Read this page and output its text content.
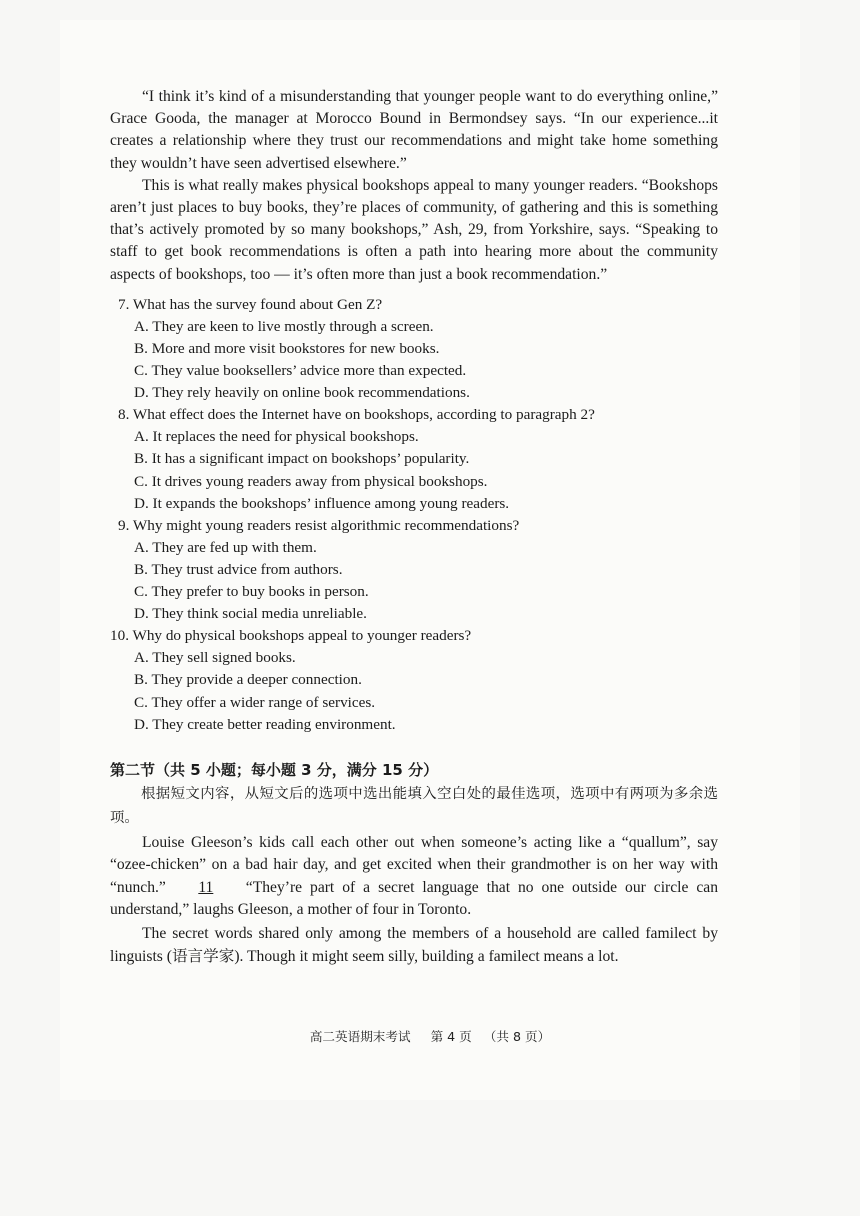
“I think it’s kind of a misunderstanding that younger people want to do everything online,” Grace Gooda, the manager at Morocco Bound in Bermondsey says. “In our experience...it creates a relationship where they trust our recommendations and might take home something they wouldn’t have seen advertised elsewhere.”

This is what really makes physical bookshops appeal to many younger readers. “Bookshops aren’t just places to buy books, they’re places of community, of gathering and this is something that’s actively promoted by so many bookshops,” Ash, 29, from Yorkshire, says. “Speaking to staff to get book recommendations is often a path into hearing more about the community aspects of bookshops, too — it’s often more than just a book recommendation.”

7. What has the survey found about Gen Z?
A. They are keen to live mostly through a screen.
B. More and more visit bookstores for new books.
C. They value booksellers’ advice more than expected.
D. They rely heavily on online book recommendations.
8. What effect does the Internet have on bookshops, according to paragraph 2?
A. It replaces the need for physical bookshops.
B. It has a significant impact on bookshops’ popularity.
C. It drives young readers away from physical bookshops.
D. It expands the bookshops’ influence among young readers.
9. Why might young readers resist algorithmic recommendations?
A. They are fed up with them.
B. They trust advice from authors.
C. They prefer to buy books in person.
D. They think social media unreliable.
10. Why do physical bookshops appeal to younger readers?
A. They sell signed books.
B. They provide a deeper connection.
C. They offer a wider range of services.
D. They create better reading environment.
第二节（共 5 小题；每小题 3 分，满分 15 分）

根据短文内容，从短文后的选项中选出能填入空白处的最佳选项，选项中有两项为多余选项。

Louise Gleeson’s kids call each other out when someone’s acting like a “quallum”, say “ozee-chicken” on a bad hair day, and get excited when their grandmother is on her way with “nunch.” 11 “They’re part of a secret language that no one outside our circle can understand,” laughs Gleeson, a mother of four in Toronto.

The secret words shared only among the members of a household are called familect by linguists (语言学家). Though it might seem silly, building a familect means a lot.

高二英语期末考试 第 4 页 （共 8 页）
